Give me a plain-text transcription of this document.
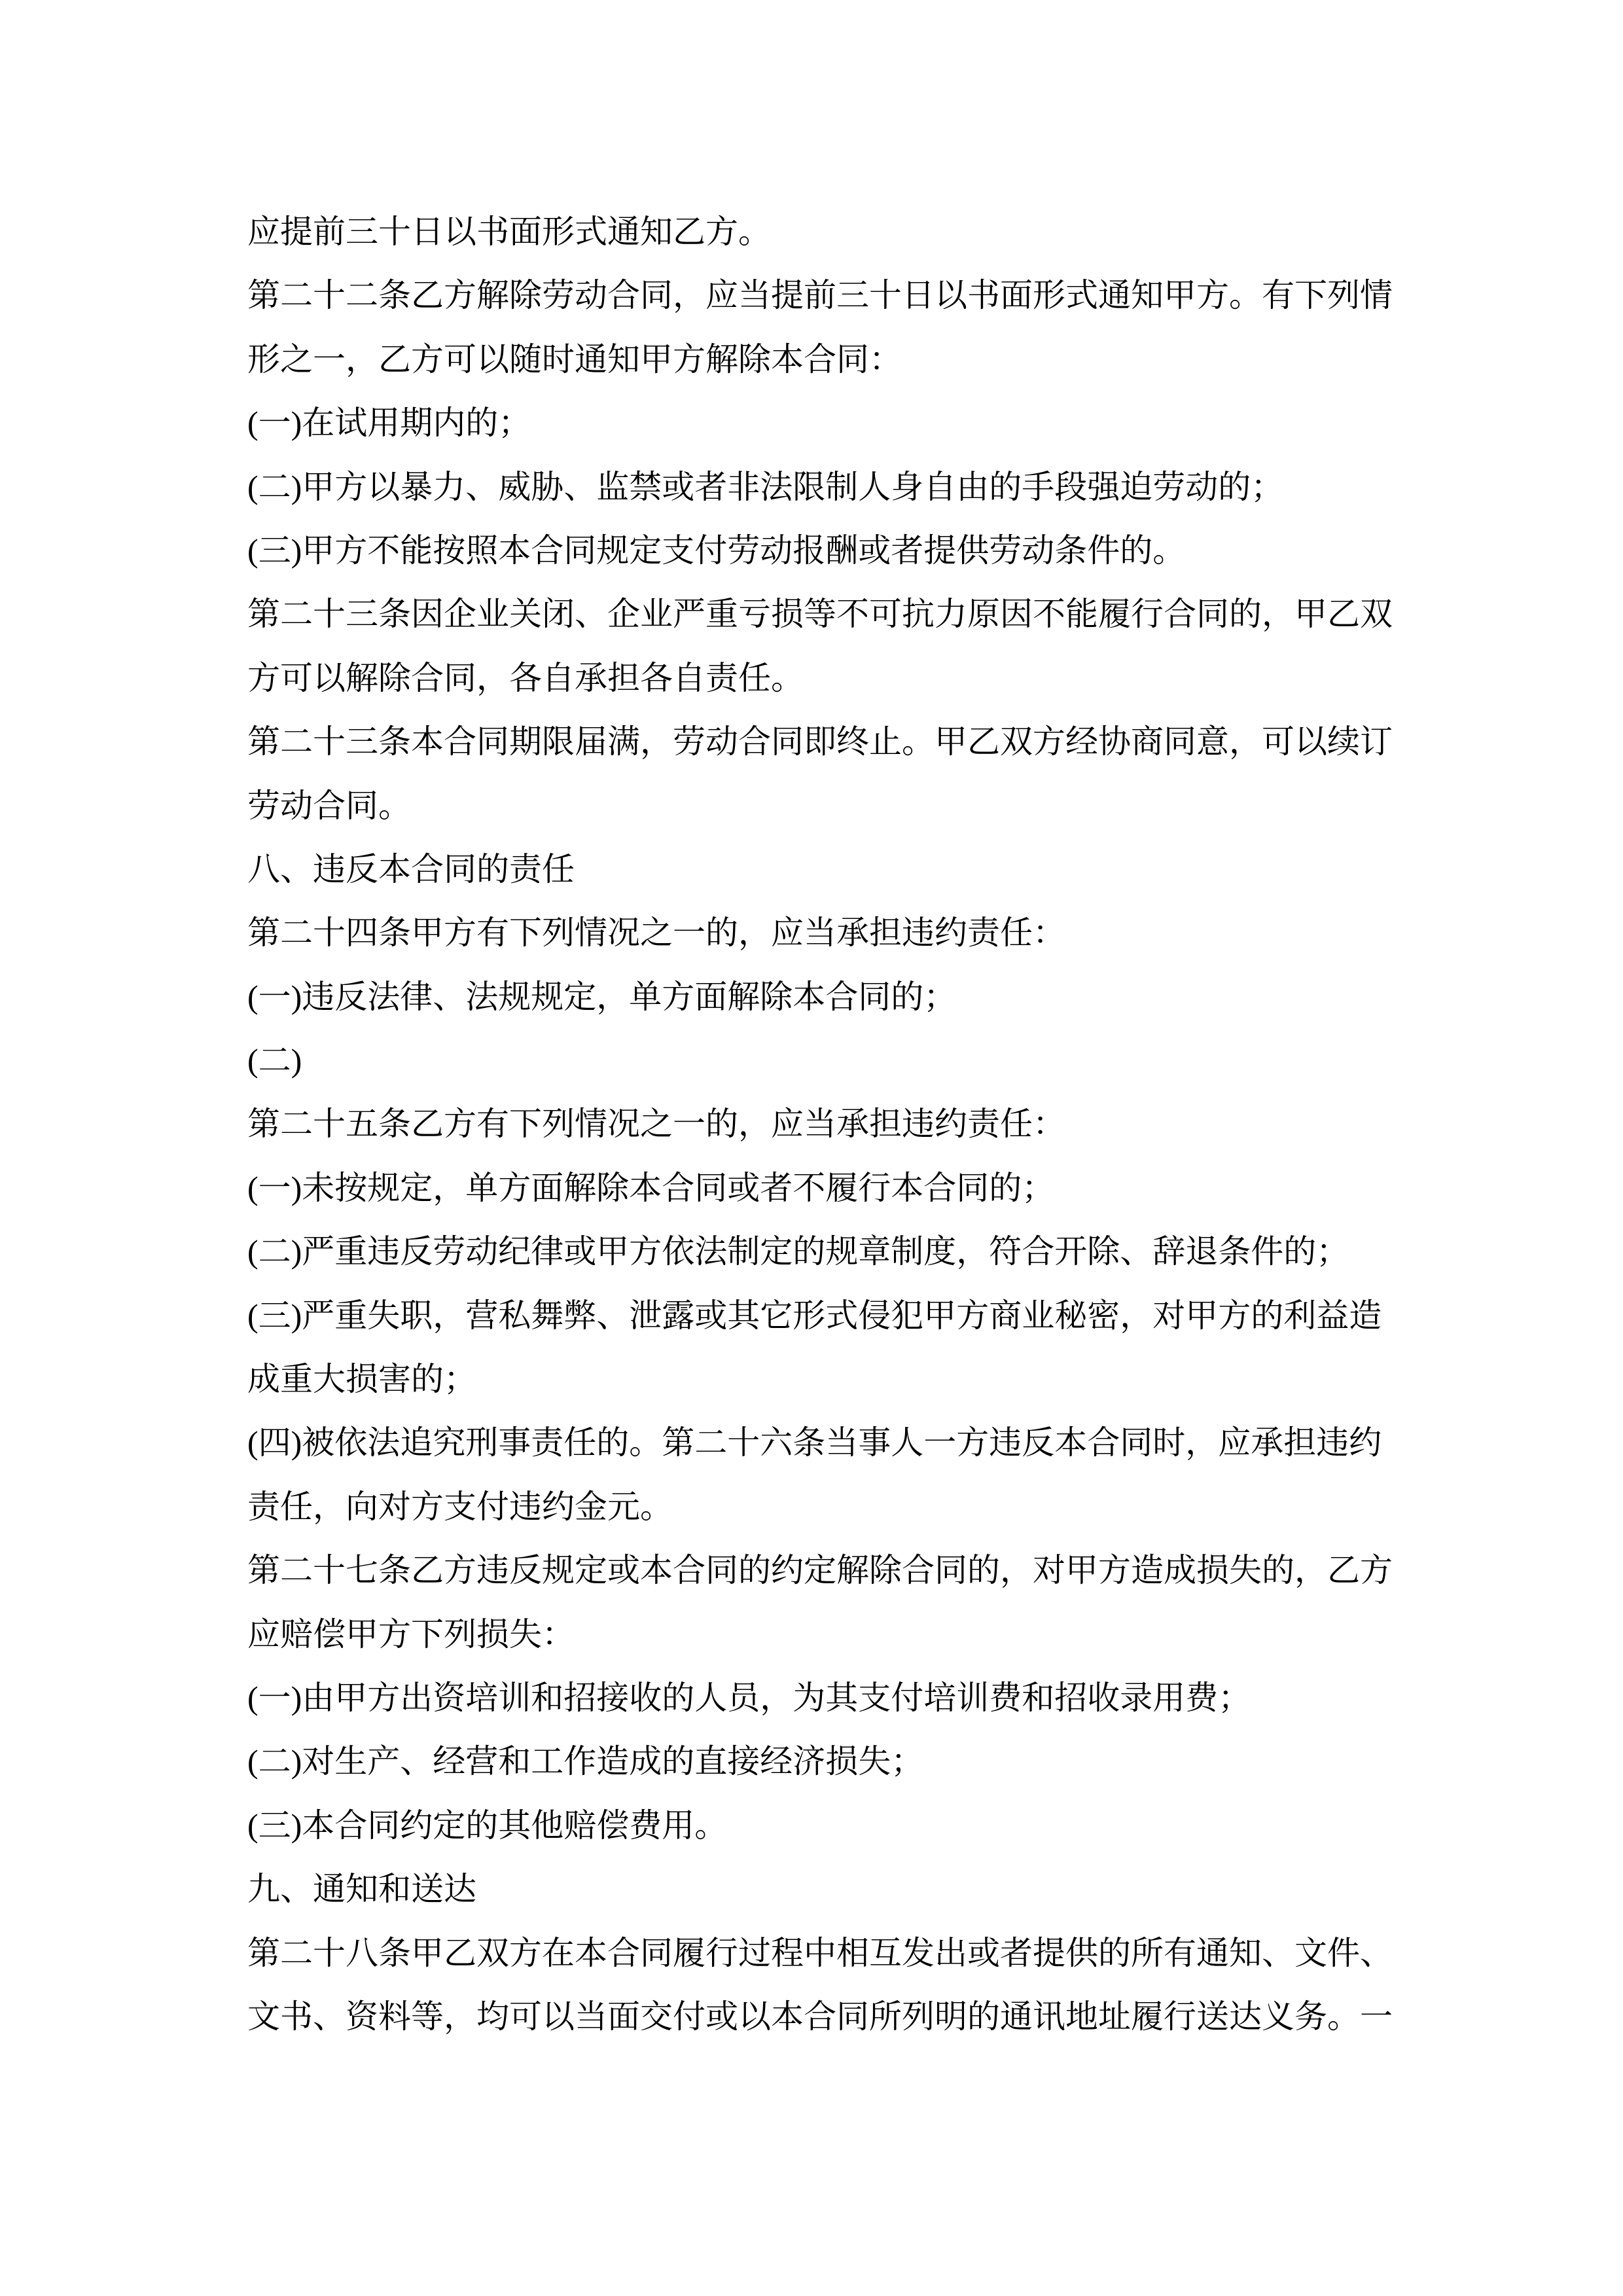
应提前三十日以书面形式通知乙方。
第二十二条乙方解除劳动合同，应当提前三十日以书面形式通知甲方。有下列情
形之一，乙方可以随时通知甲方解除本合同：
(一)在试用期内的；
(二)甲方以暴力、威胁、监禁或者非法限制人身自由的手段强迫劳动的；
(三)甲方不能按照本合同规定支付劳动报酬或者提供劳动条件的。
第二十三条因企业关闭、企业严重亏损等不可抗力原因不能履行合同的，甲乙双
方可以解除合同，各自承担各自责任。
第二十三条本合同期限届满，劳动合同即终止。甲乙双方经协商同意，可以续订
劳动合同。
八、违反本合同的责任
第二十四条甲方有下列情况之一的，应当承担违约责任：
(一)违反法律、法规规定，单方面解除本合同的；
(二)
第二十五条乙方有下列情况之一的，应当承担违约责任：
(一)未按规定，单方面解除本合同或者不履行本合同的；
(二)严重违反劳动纪律或甲方依法制定的规章制度，符合开除、辞退条件的；
(三)严重失职，营私舞弊、泄露或其它形式侵犯甲方商业秘密，对甲方的利益造
成重大损害的；
(四)被依法追究刑事责任的。第二十六条当事人一方违反本合同时，应承担违约
责任，向对方支付违约金元。
第二十七条乙方违反规定或本合同的约定解除合同的，对甲方造成损失的，乙方
应赔偿甲方下列损失：
(一)由甲方出资培训和招接收的人员，为其支付培训费和招收录用费；
(二)对生产、经营和工作造成的直接经济损失；
(三)本合同约定的其他赔偿费用。
九、通知和送达
第二十八条甲乙双方在本合同履行过程中相互发出或者提供的所有通知、文件、
文书、资料等，均可以当面交付或以本合同所列明的通讯地址履行送达义务。一
